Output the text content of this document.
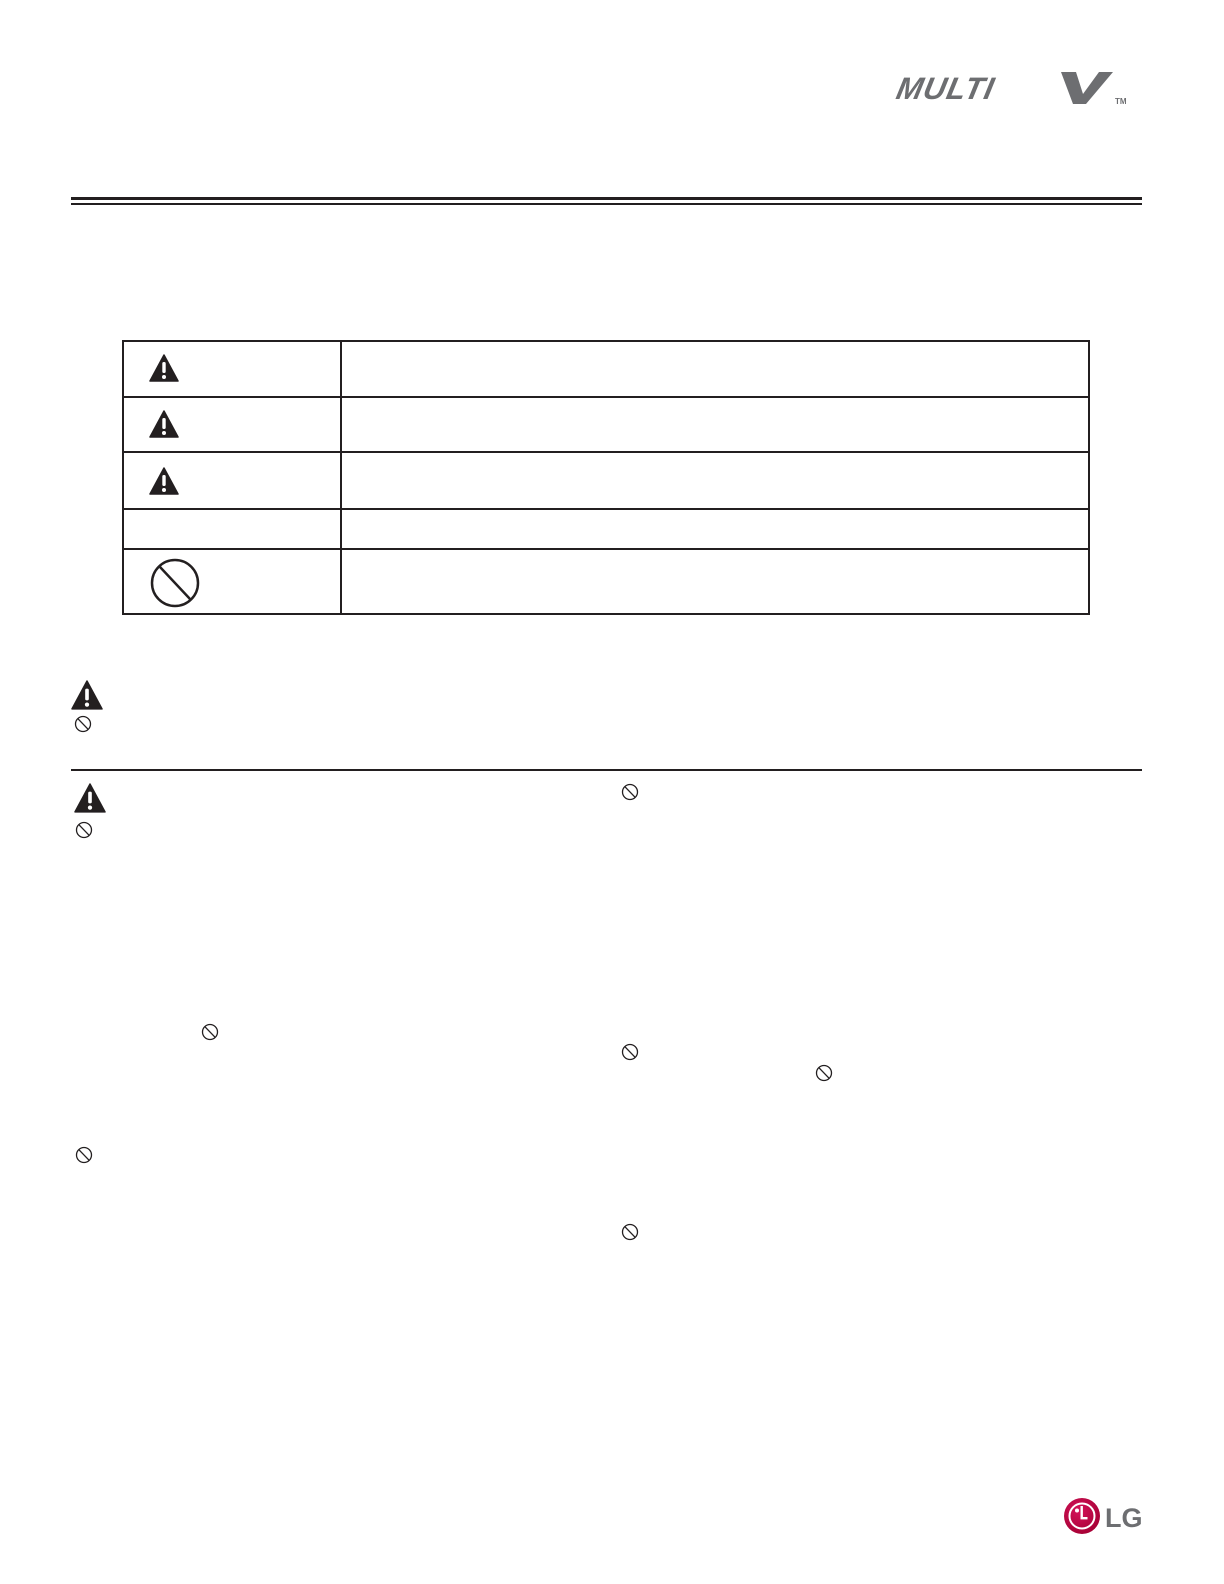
MULTI	TM
LG
